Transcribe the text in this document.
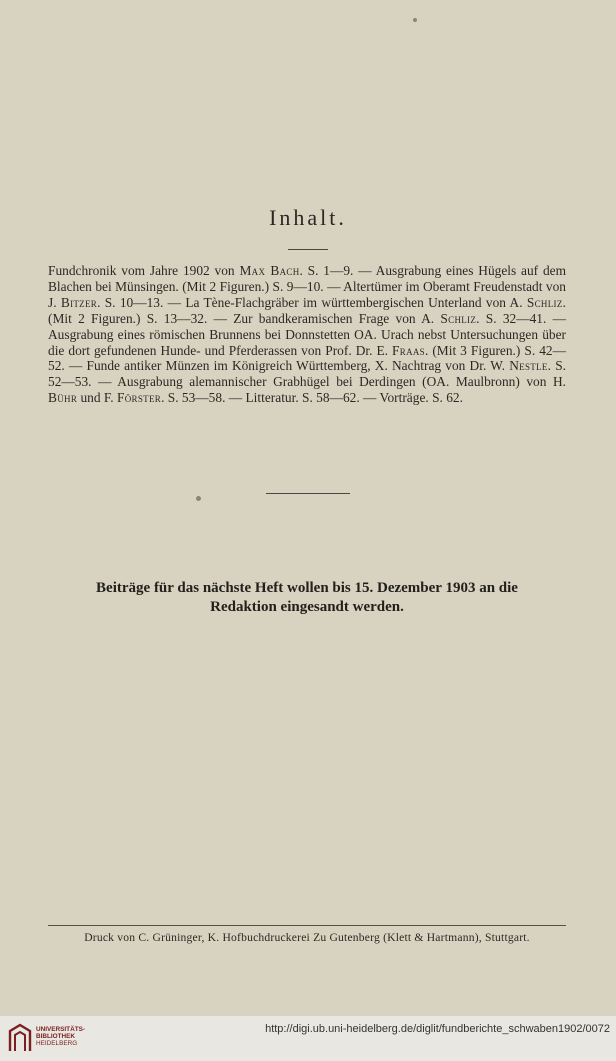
Inhalt.
Fundchronik vom Jahre 1902 von Max Bach. S. 1—9. — Ausgrabung eines Hügels auf dem Blachen bei Münsingen. (Mit 2 Figuren.) S. 9—10. — Altertümer im Oberamt Freudenstadt von J. Bitzer. S. 10—13. — La Tène-Flachgräber im württembergischen Unterland von A. Schliz. (Mit 2 Figuren.) S. 13—32. — Zur bandkeramischen Frage von A. Schliz. S. 32—41. — Ausgrabung eines römischen Brunnens bei Donnstetten OA. Urach nebst Untersuchungen über die dort gefundenen Hunde- und Pferderassen von Prof. Dr. E. Fraas. (Mit 3 Figuren.) S. 42—52. — Funde antiker Münzen im Königreich Württemberg, X. Nachtrag von Dr. W. Nestle. S. 52—53. — Ausgrabung alemannischer Grabhügel bei Derdingen (OA. Maulbronn) von H. Bühr und F. Förster. S. 53—58. — Litteratur. S. 58—62. — Vorträge. S. 62.
Beiträge für das nächste Heft wollen bis 15. Dezember 1903 an die
Redaktion eingesandt werden.
Druck von C. Grüninger, K. Hofbuchdruckerei Zu Gutenberg (Klett & Hartmann), Stuttgart.
UNIVERSITÄTS-
BIBLIOTHEK
HEIDELBERG
http://digi.ub.uni-heidelberg.de/diglit/fundberichte_schwaben1902/0072
